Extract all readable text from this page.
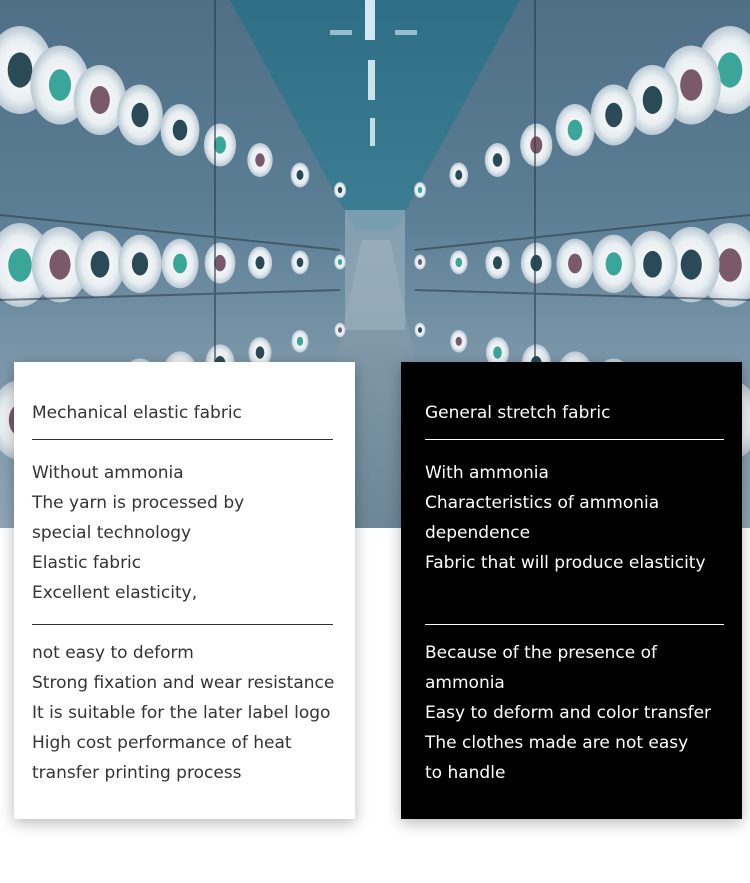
Mechanical elastic fabric
Without ammonia
The yarn is processed by
special technology
Elastic fabric
Excellent elasticity,
not easy to deform
Strong fixation and wear resistance
It is suitable for the later label logo
High cost performance of heat
transfer printing process
General stretch fabric
With ammonia
Characteristics of ammonia
dependence
Fabric that will produce elasticity
Because of the presence of
ammonia
Easy to deform and color transfer
The clothes made are not easy
to handle
